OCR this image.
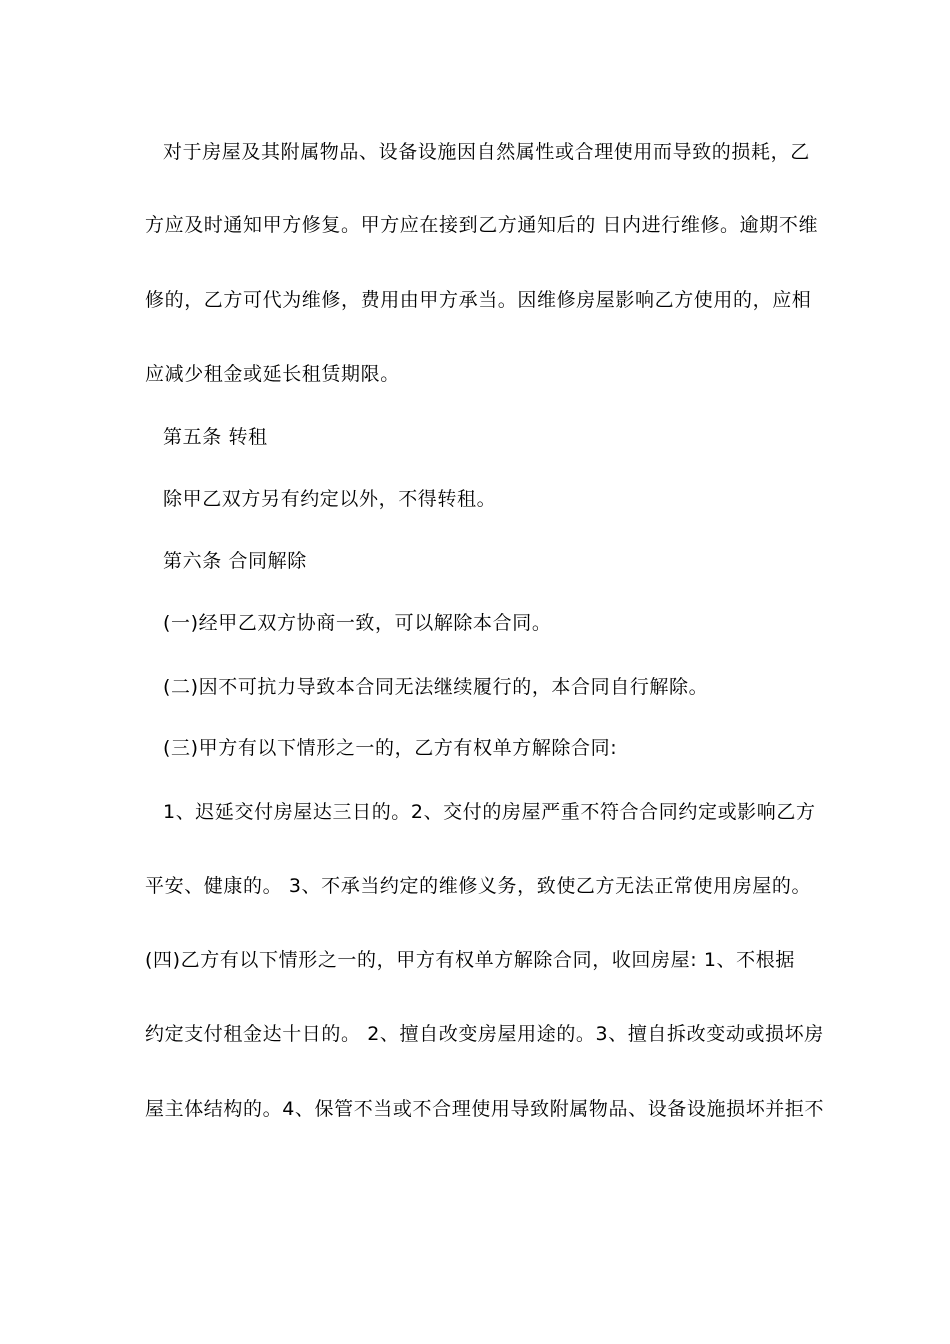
对于房屋及其附属物品、设备设施因自然属性或合理使用而导致的损耗，乙
方应及时通知甲方修复。甲方应在接到乙方通知后的 日内进行维修。逾期不维
修的，乙方可代为维修，费用由甲方承当。因维修房屋影响乙方使用的，应相
应减少租金或延长租赁期限。
第五条 转租
除甲乙双方另有约定以外，不得转租。
第六条 合同解除
(一)经甲乙双方协商一致，可以解除本合同。
(二)因不可抗力导致本合同无法继续履行的，本合同自行解除。
(三)甲方有以下情形之一的，乙方有权单方解除合同:
1、迟延交付房屋达三日的。2、交付的房屋严重不符合合同约定或影响乙方
平安、健康的。 3、不承当约定的维修义务，致使乙方无法正常使用房屋的。
(四)乙方有以下情形之一的，甲方有权单方解除合同，收回房屋: 1、不根据
约定支付租金达十日的。 2、擅自改变房屋用途的。3、擅自拆改变动或损坏房
屋主体结构的。4、保管不当或不合理使用导致附属物品、设备设施损坏并拒不
